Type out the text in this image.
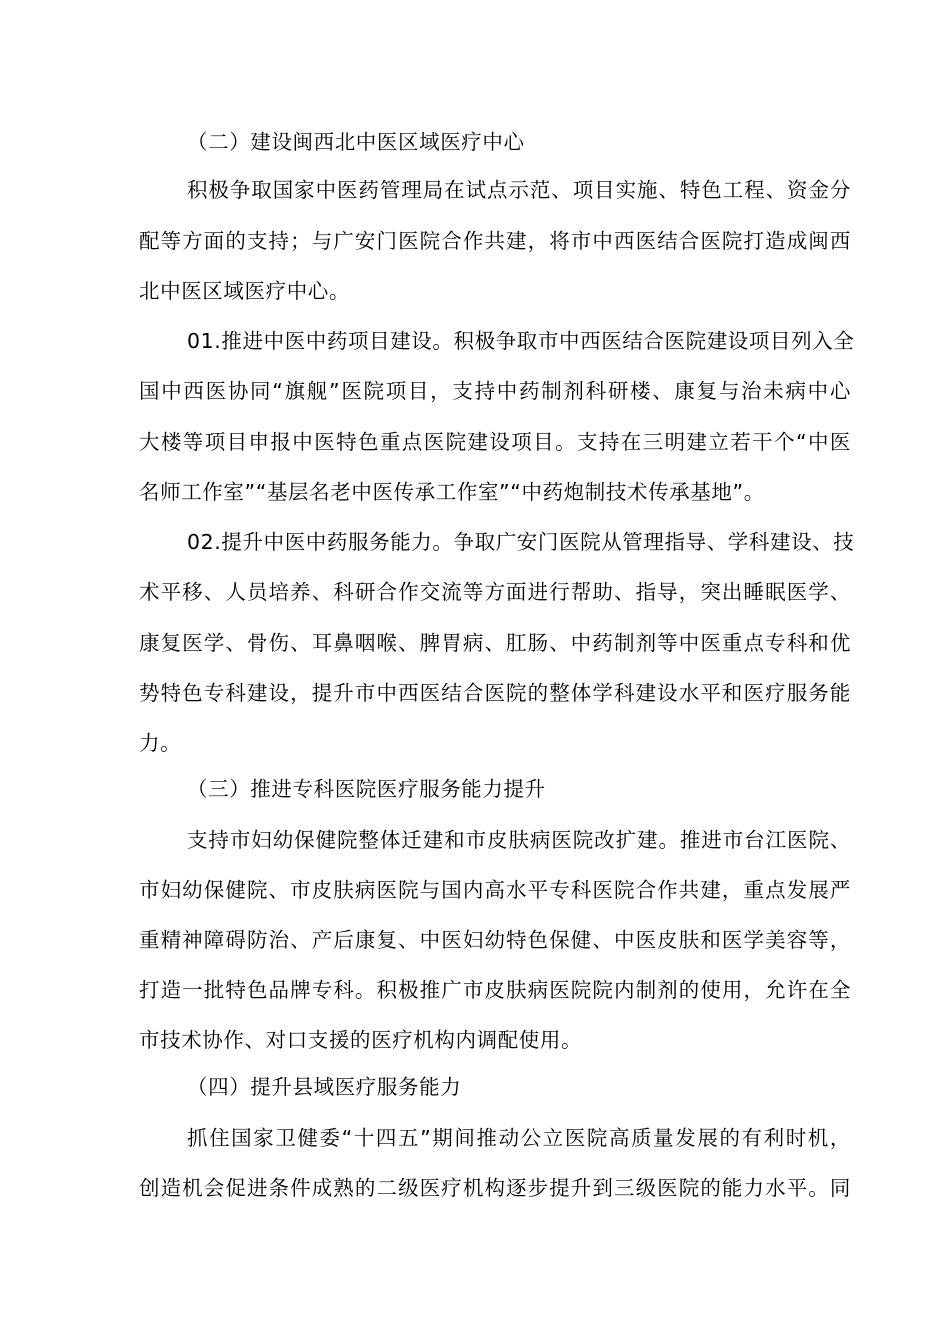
（二）建设闽西北中医区域医疗中心
积极争取国家中医药管理局在试点示范、项目实施、特色工程、资金分
配等方面的支持；与广安门医院合作共建，将市中西医结合医院打造成闽西
北中医区域医疗中心。
01.推进中医中药项目建设。积极争取市中西医结合医院建设项目列入全
国中西医协同“旗舰”医院项目，支持中药制剂科研楼、康复与治未病中心
大楼等项目申报中医特色重点医院建设项目。支持在三明建立若干个“中医
名师工作室”“基层名老中医传承工作室”“中药炮制技术传承基地”。
02.提升中医中药服务能力。争取广安门医院从管理指导、学科建设、技
术平移、人员培养、科研合作交流等方面进行帮助、指导，突出睡眠医学、
康复医学、骨伤、耳鼻咽喉、脾胃病、肛肠、中药制剂等中医重点专科和优
势特色专科建设，提升市中西医结合医院的整体学科建设水平和医疗服务能
力。
（三）推进专科医院医疗服务能力提升
支持市妇幼保健院整体迁建和市皮肤病医院改扩建。推进市台江医院、
市妇幼保健院、市皮肤病医院与国内高水平专科医院合作共建，重点发展严
重精神障碍防治、产后康复、中医妇幼特色保健、中医皮肤和医学美容等，
打造一批特色品牌专科。积极推广市皮肤病医院院内制剂的使用，允许在全
市技术协作、对口支援的医疗机构内调配使用。
（四）提升县域医疗服务能力
抓住国家卫健委“十四五”期间推动公立医院高质量发展的有利时机，
创造机会促进条件成熟的二级医疗机构逐步提升到三级医院的能力水平。同
